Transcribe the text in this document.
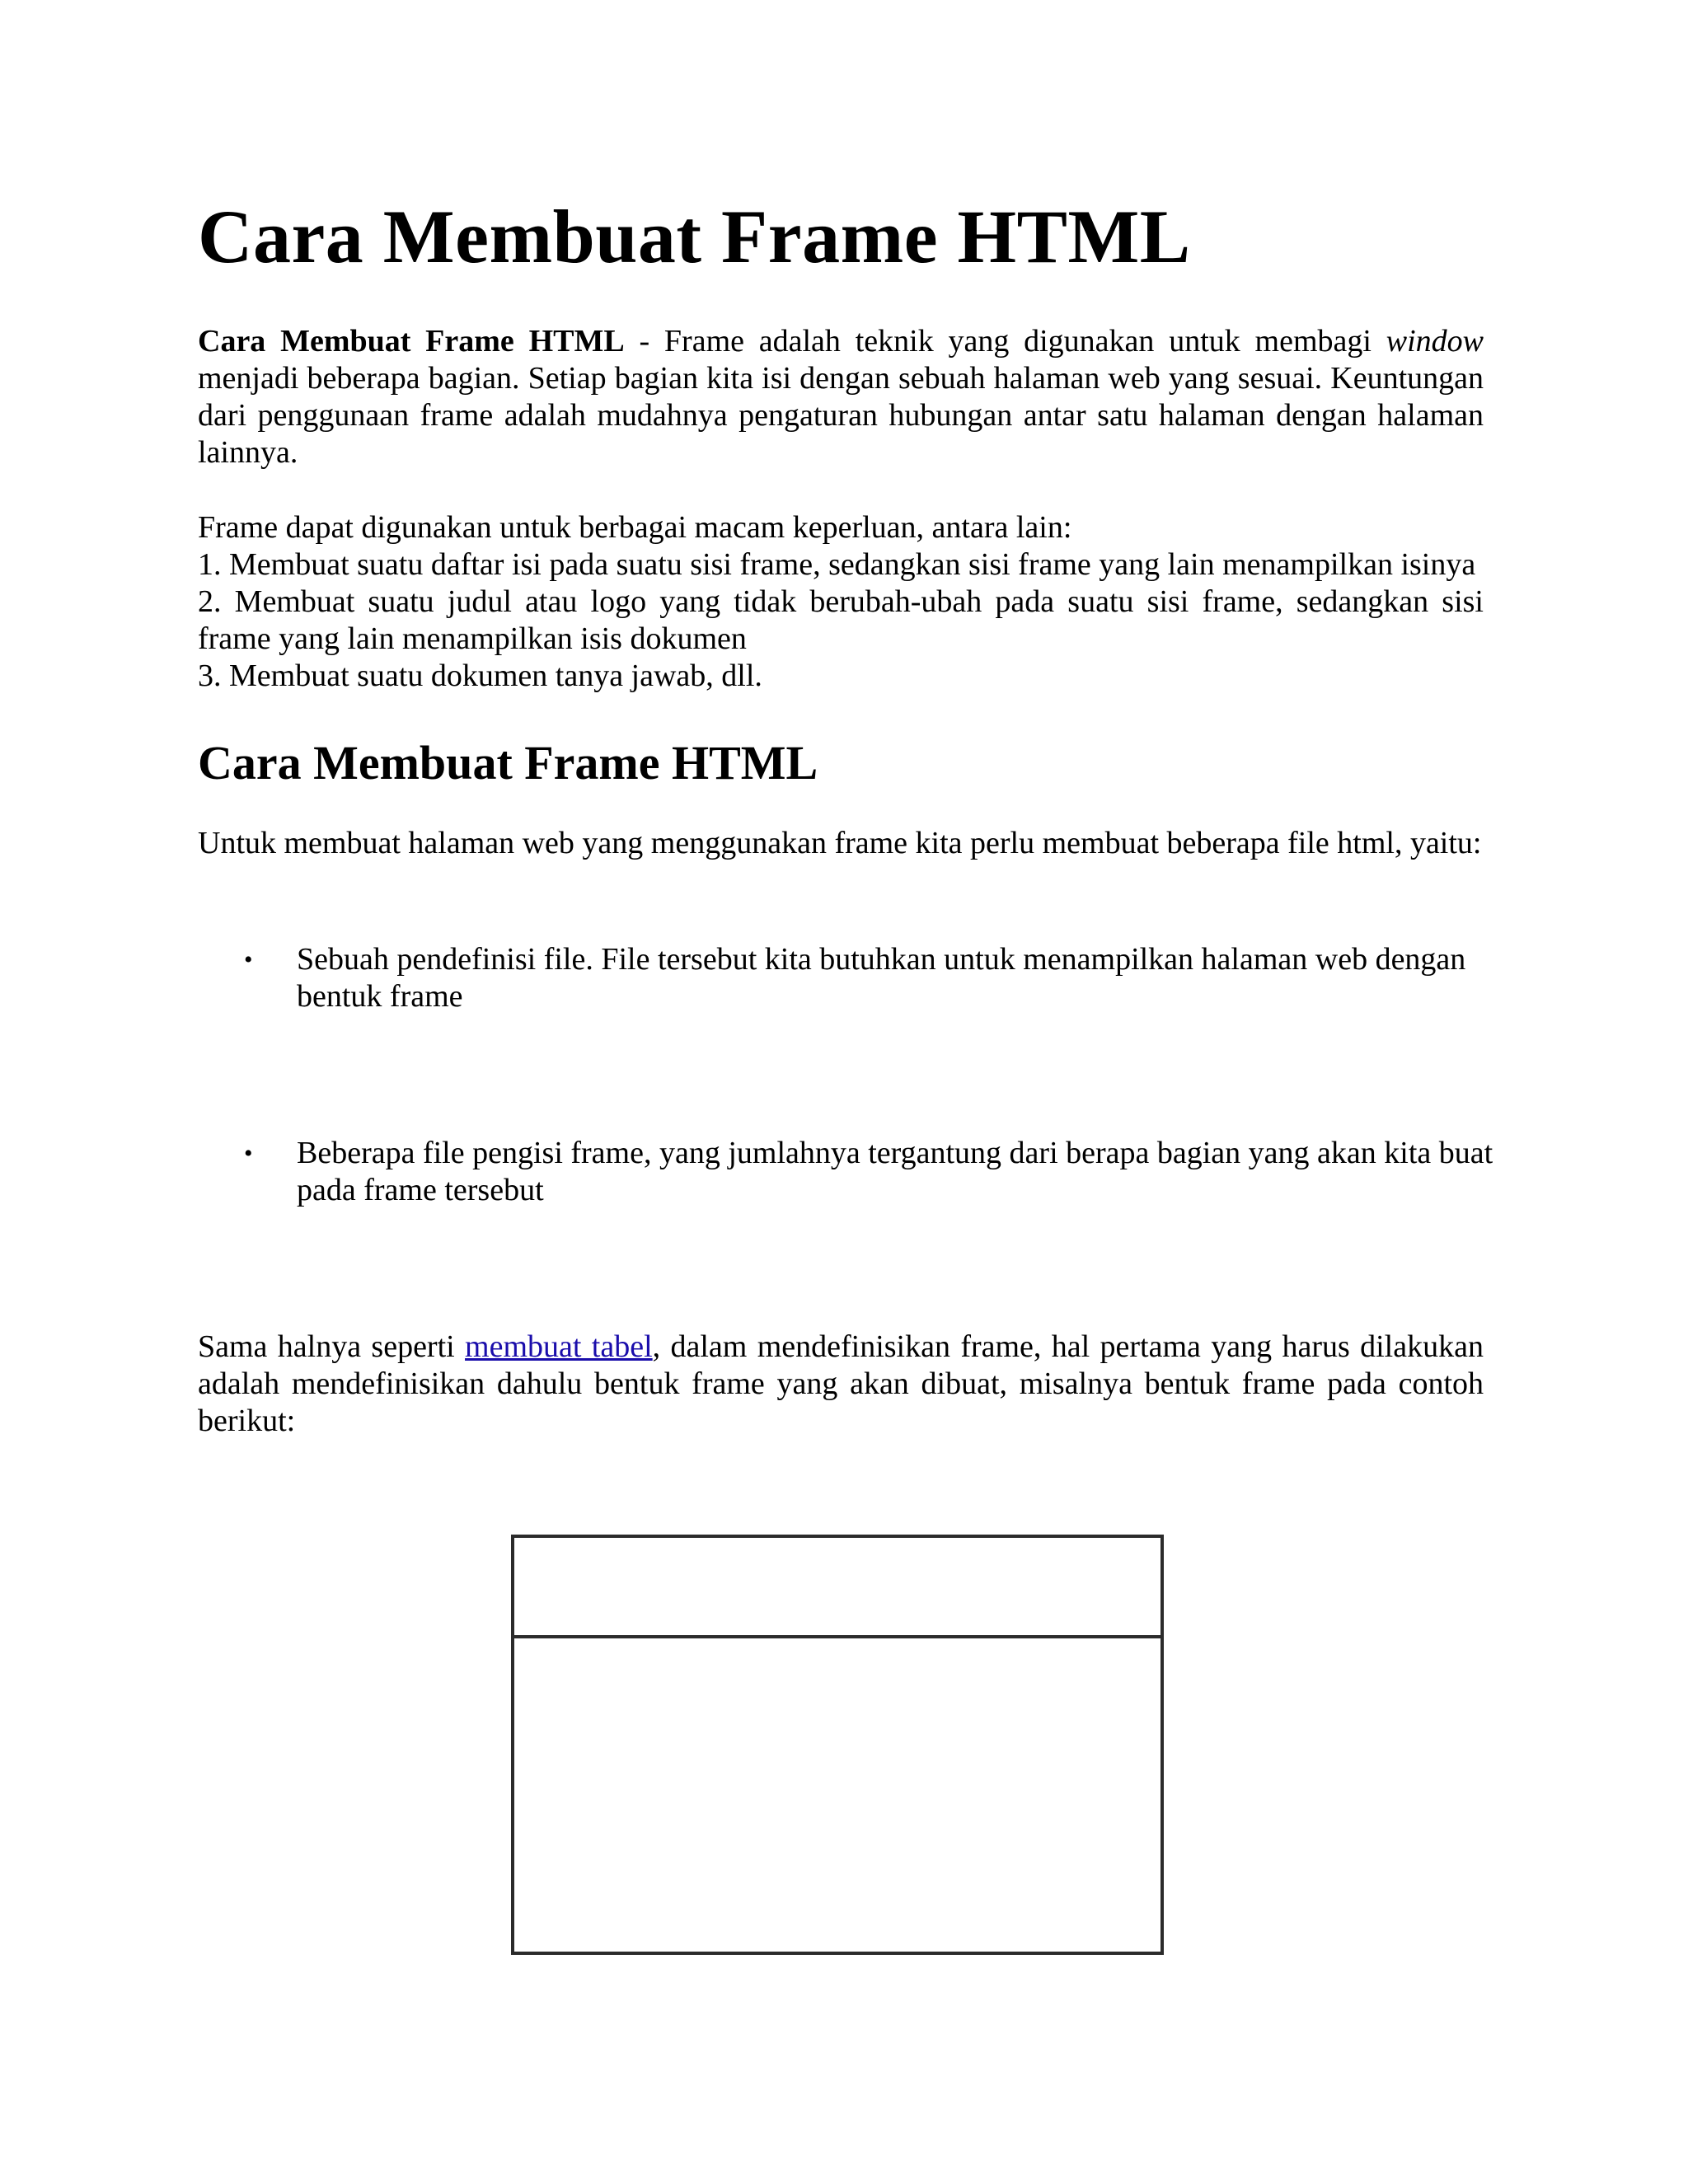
Cara Membuat Frame HTML

Cara Membuat Frame HTML - Frame adalah teknik yang digunakan untuk membagi window menjadi beberapa bagian. Setiap bagian kita isi dengan sebuah halaman web yang sesuai. Keuntungan dari penggunaan frame adalah mudahnya pengaturan hubungan antar satu halaman dengan halaman lainnya.

Frame dapat digunakan untuk berbagai macam keperluan, antara lain:

1. Membuat suatu daftar isi pada suatu sisi frame, sedangkan sisi frame yang lain menampilkan isinya

2. Membuat suatu judul atau logo yang tidak berubah-ubah pada suatu sisi frame, sedangkan sisi frame yang lain menampilkan isis dokumen

3. Membuat suatu dokumen tanya jawab, dll.

Cara Membuat Frame HTML

Untuk membuat halaman web yang menggunakan frame kita perlu membuat beberapa file html, yaitu:

• Sebuah pendefinisi file. File tersebut kita butuhkan untuk menampilkan halaman web dengan bentuk frame
• Beberapa file pengisi frame, yang jumlahnya tergantung dari berapa bagian yang akan kita buat pada frame tersebut

Sama halnya seperti membuat tabel, dalam mendefinisikan frame, hal pertama yang harus dilakukan adalah mendefinisikan dahulu bentuk frame yang akan dibuat, misalnya bentuk frame pada contoh berikut:
